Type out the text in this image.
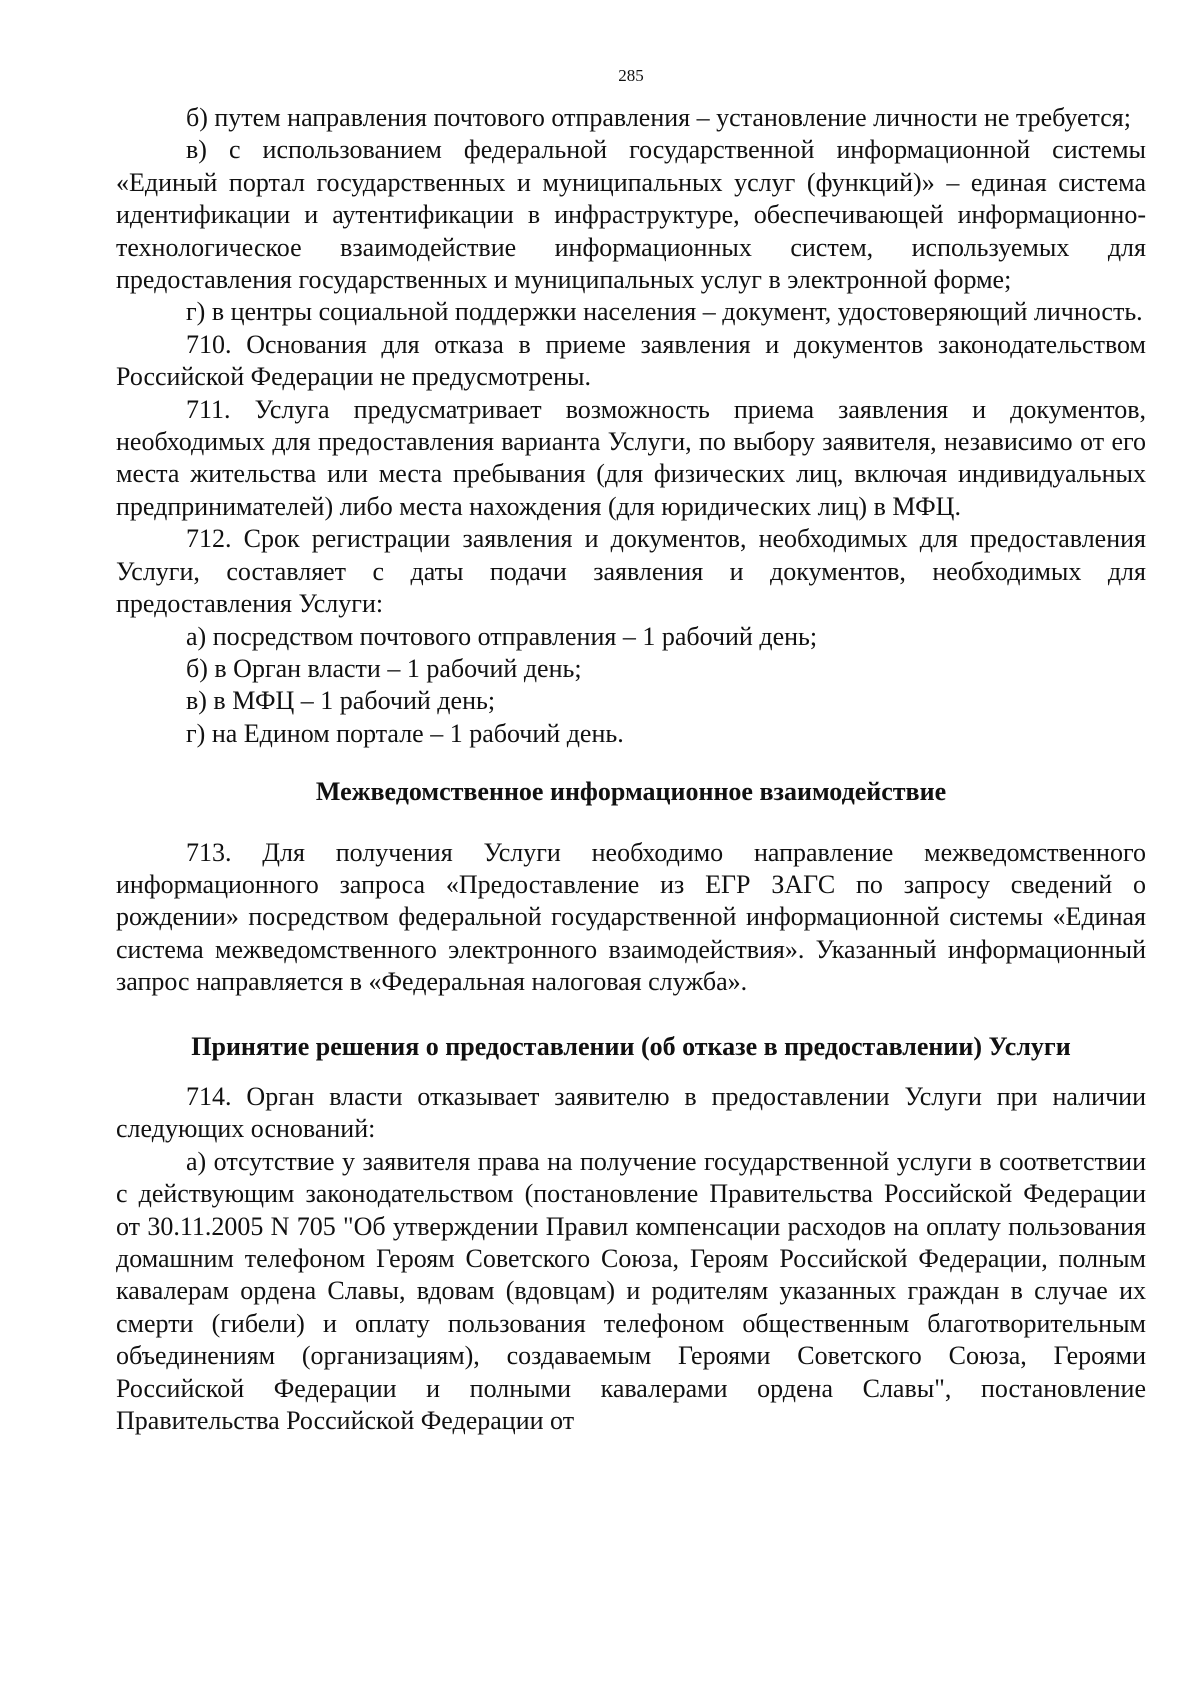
285

б) путем направления почтового отправления – установление личности не требуется;

в) с использованием федеральной государственной информационной системы «Единый портал государственных и муниципальных услуг (функций)» – единая система идентификации и аутентификации в инфраструктуре, обеспечивающей информационно-технологическое взаимодействие информационных систем, используемых для предоставления государственных и муниципальных услуг в электронной форме;

г) в центры социальной поддержки населения – документ, удостоверяющий личность.

710. Основания для отказа в приеме заявления и документов законодательством Российской Федерации не предусмотрены.

711. Услуга предусматривает возможность приема заявления и документов, необходимых для предоставления варианта Услуги, по выбору заявителя, независимо от его места жительства или места пребывания (для физических лиц, включая индивидуальных предпринимателей) либо места нахождения (для юридических лиц) в МФЦ.

712. Срок регистрации заявления и документов, необходимых для предоставления Услуги, составляет с даты подачи заявления и документов, необходимых для предоставления Услуги:

а) посредством почтового отправления – 1 рабочий день;

б) в Орган власти – 1 рабочий день;

в) в МФЦ – 1 рабочий день;

г) на Едином портале – 1 рабочий день.

Межведомственное информационное взаимодействие

713. Для получения Услуги необходимо направление межведомственного информационного запроса «Предоставление из ЕГР ЗАГС по запросу сведений о рождении» посредством федеральной государственной информационной системы «Единая система межведомственного электронного взаимодействия». Указанный информационный запрос направляется в «Федеральная налоговая служба».

Принятие решения о предоставлении (об отказе в предоставлении) Услуги

714. Орган власти отказывает заявителю в предоставлении Услуги при наличии следующих оснований:

а) отсутствие у заявителя права на получение государственной услуги в соответствии с действующим законодательством (постановление Правительства Российской Федерации от 30.11.2005 N 705 "Об утверждении Правил компенсации расходов на оплату пользования домашним телефоном Героям Советского Союза, Героям Российской Федерации, полным кавалерам ордена Славы, вдовам (вдовцам) и родителям указанных граждан в случае их смерти (гибели) и оплату пользования телефоном общественным благотворительным объединениям (организациям), создаваемым Героями Советского Союза, Героями Российской Федерации и полными кавалерами ордена Славы", постановление Правительства Российской Федерации от
